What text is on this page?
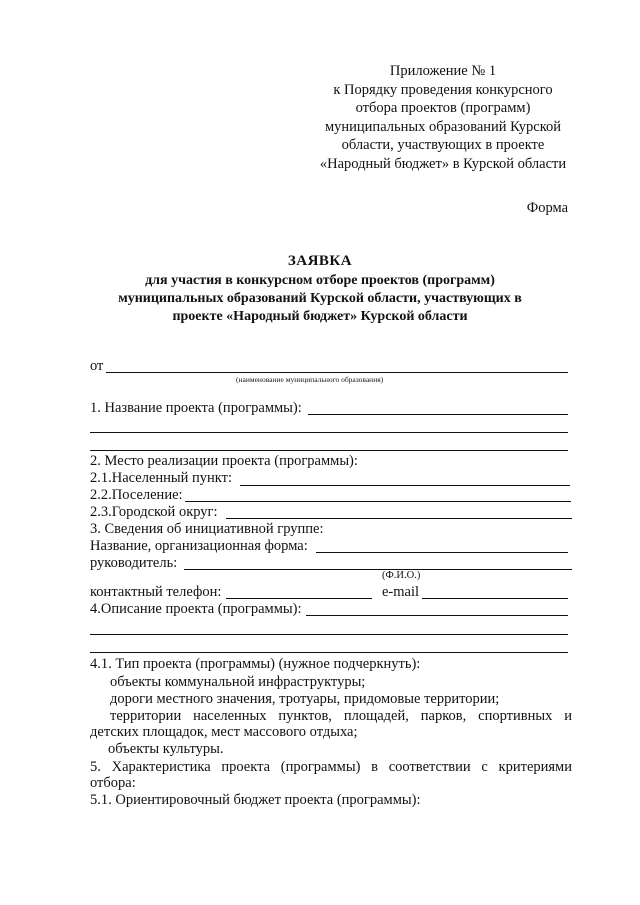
Приложение № 1
к Порядку проведения конкурсного
отбора проектов (программ)
муниципальных образований Курской
области, участвующих в проекте
«Народный бюджет» в Курской области
Форма
ЗАЯВКА
для участия в конкурсном отборе проектов (программ)
муниципальных образований Курской области, участвующих в
проекте «Народный бюджет» Курской области
от
(наименование муниципального образования)
1. Название проекта (программы):
2. Место реализации проекта (программы):
2.1.Населенный пункт:
2.2.Поселение:
2.3.Городской округ:
3. Сведения об инициативной группе:
Название, организационная форма:
руководитель:
(Ф.И.О.)
контактный телефон:	e-mail
4.Описание проекта (программы):
4.1. Тип проекта (программы) (нужное подчеркнуть):
объекты коммунальной инфраструктуры;
дороги местного значения, тротуары, придомовые территории;
территории населенных пунктов, площадей, парков, спортивных и
детских площадок, мест массового отдыха;
объекты культуры.
5. Характеристика проекта (программы) в соответствии с критериями
отбора:
5.1. Ориентировочный бюджет проекта (программы):
